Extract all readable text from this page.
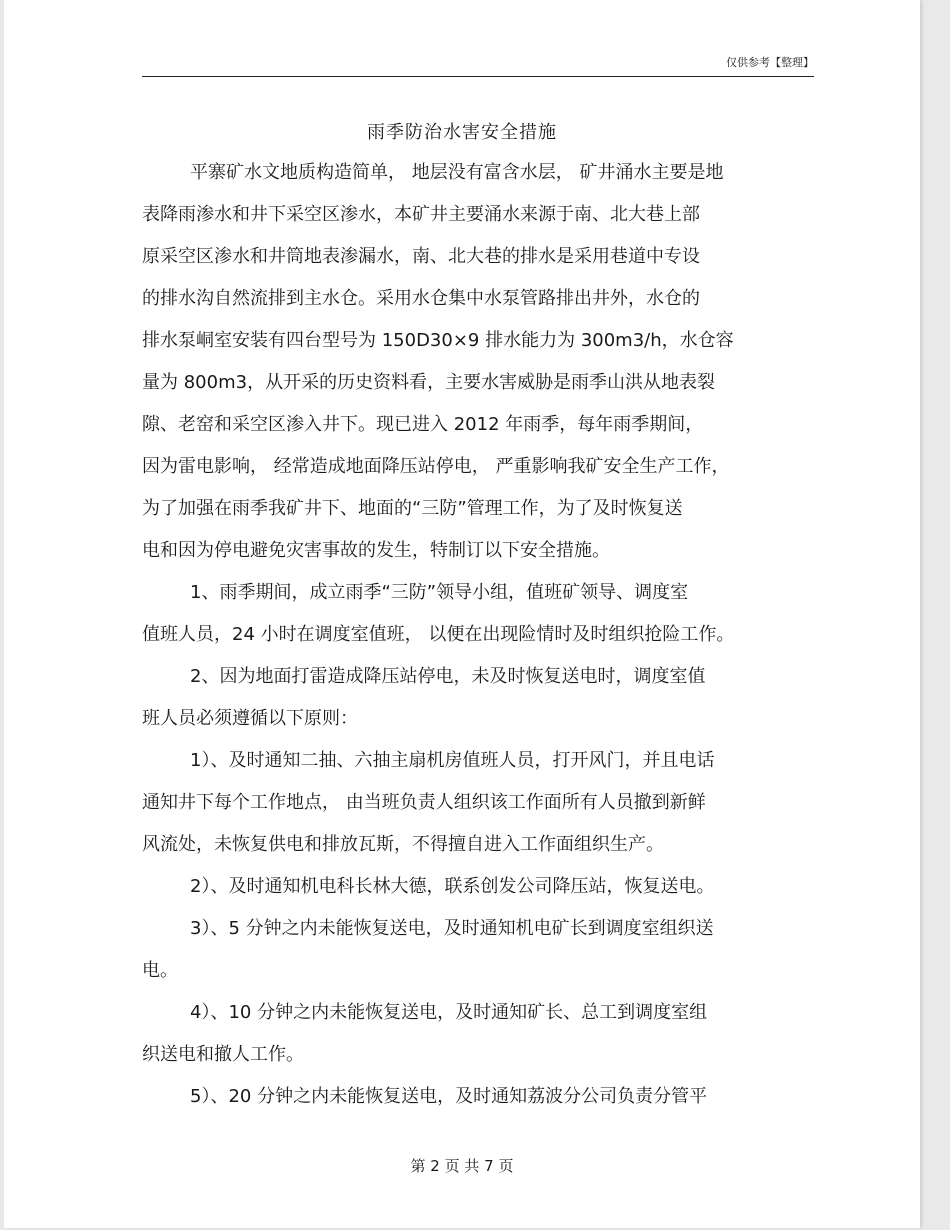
仅供参考【整理】
雨季防治水害安全措施
平寨矿水文地质构造简单， 地层没有富含水层， 矿井涌水主要是地
表降雨渗水和井下采空区渗水，本矿井主要涌水来源于南、北大巷上部
原采空区渗水和井筒地表渗漏水，南、北大巷的排水是采用巷道中专设
的排水沟自然流排到主水仓。采用水仓集中水泵管路排出井外，水仓的
排水泵峒室安装有四台型号为 150D30×9 排水能力为 300m3/h，水仓容
量为 800m3，从开采的历史资料看，主要水害威胁是雨季山洪从地表裂
隙、老窑和采空区渗入井下。现已进入 2012 年雨季，每年雨季期间，
因为雷电影响， 经常造成地面降压站停电， 严重影响我矿安全生产工作，
为了加强在雨季我矿井下、地面的“三防”管理工作，为了及时恢复送
电和因为停电避免灾害事故的发生，特制订以下安全措施。
1、雨季期间，成立雨季“三防”领导小组，值班矿领导、调度室
值班人员，24 小时在调度室值班， 以便在出现险情时及时组织抢险工作。
2、因为地面打雷造成降压站停电，未及时恢复送电时，调度室值
班人员必须遵循以下原则：
1）、及时通知二抽、六抽主扇机房值班人员，打开风门，并且电话
通知井下每个工作地点， 由当班负责人组织该工作面所有人员撤到新鲜
风流处，未恢复供电和排放瓦斯，不得擅自进入工作面组织生产。
2）、及时通知机电科长林大德，联系创发公司降压站，恢复送电。
3）、5 分钟之内未能恢复送电，及时通知机电矿长到调度室组织送
电。
4）、10 分钟之内未能恢复送电，及时通知矿长、总工到调度室组
织送电和撤人工作。
5）、20 分钟之内未能恢复送电，及时通知荔波分公司负责分管平
第 2 页 共 7 页
